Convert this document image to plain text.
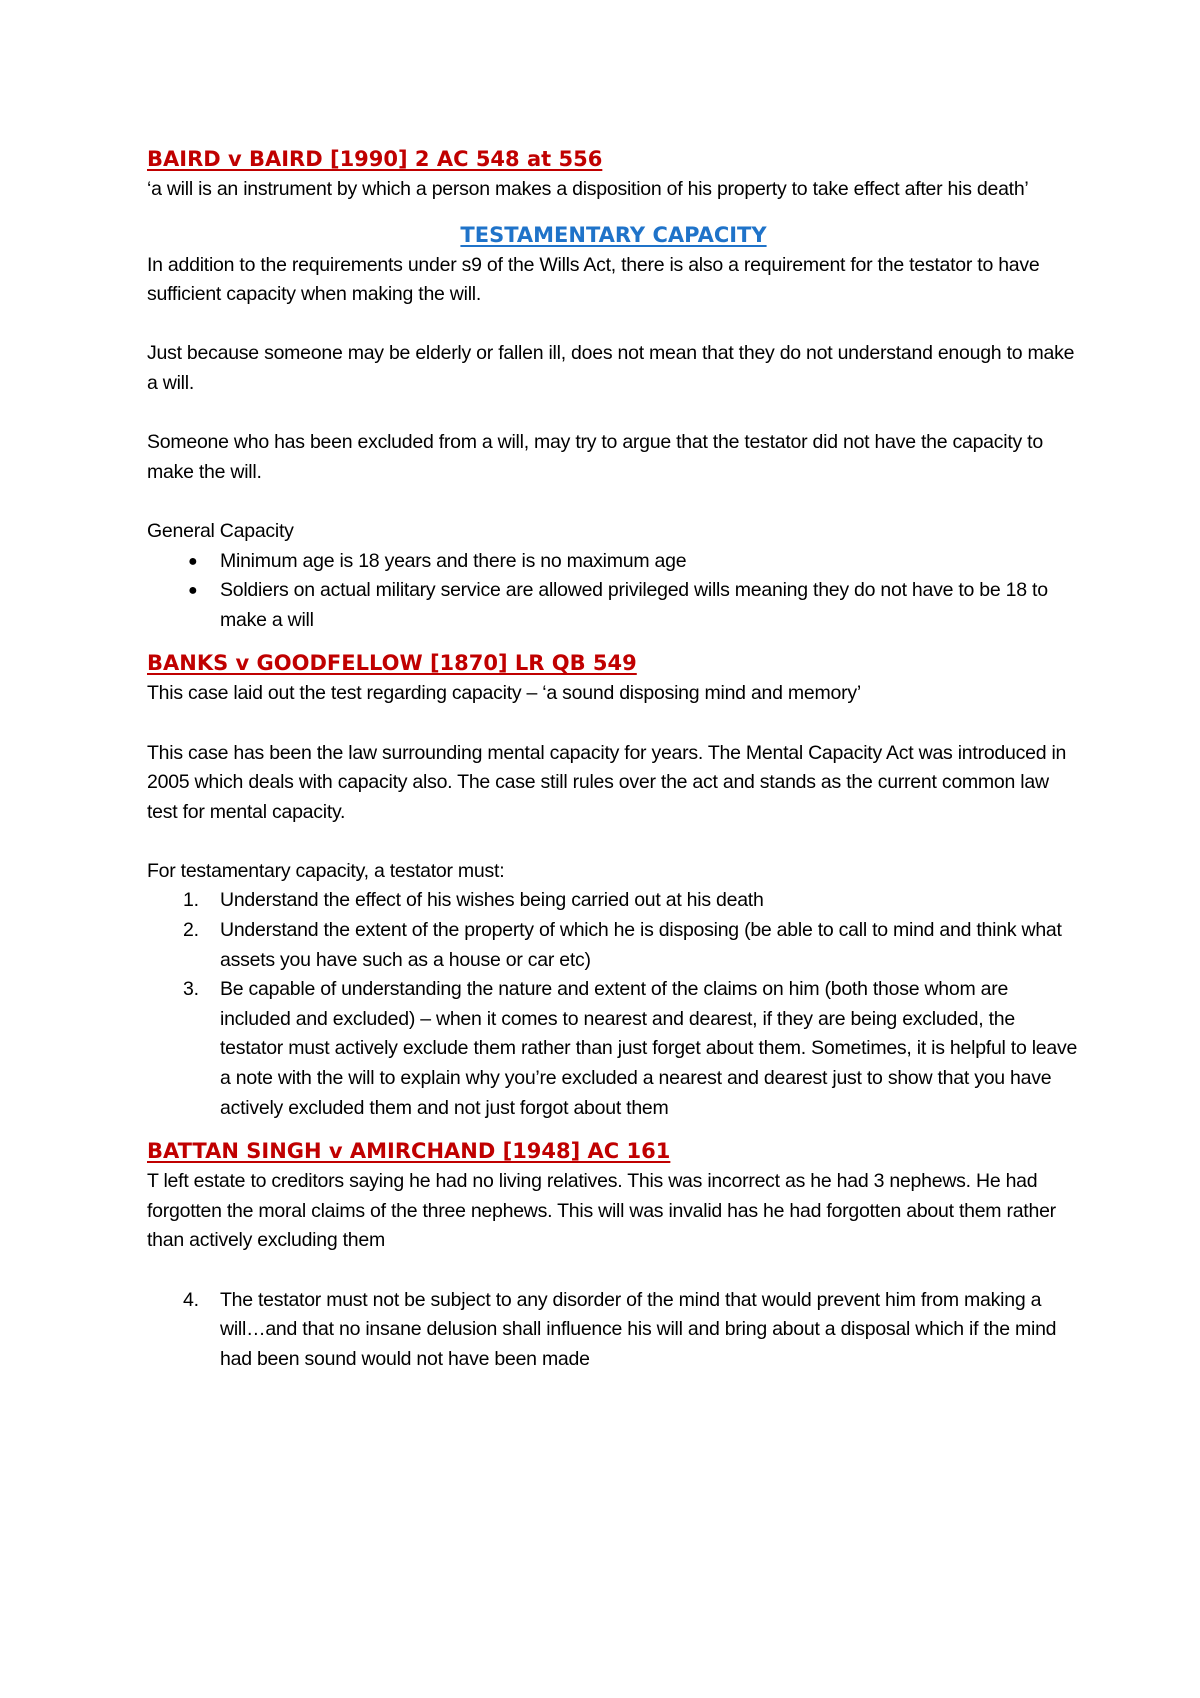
BAIRD v BAIRD [1990] 2 AC 548 at 556

‘a will is an instrument by which a person makes a disposition of his property to take effect after his death’

TESTAMENTARY CAPACITY

In addition to the requirements under s9 of the Wills Act, there is also a requirement for the testator to have sufficient capacity when making the will.

Just because someone may be elderly or fallen ill, does not mean that they do not understand enough to make a will.

Someone who has been excluded from a will, may try to argue that the testator did not have the capacity to make the will.

General Capacity

● Minimum age is 18 years and there is no maximum age
● Soldiers on actual military service are allowed privileged wills meaning they do not have to be 18 to make a will
BANKS v GOODFELLOW [1870] LR QB 549

This case laid out the test regarding capacity – ‘a sound disposing mind and memory’

This case has been the law surrounding mental capacity for years. The Mental Capacity Act was introduced in 2005 which deals with capacity also. The case still rules over the act and stands as the current common law test for mental capacity.

For testamentary capacity, a testator must:

1. Understand the effect of his wishes being carried out at his death
2. Understand the extent of the property of which he is disposing (be able to call to mind and think what assets you have such as a house or car etc)
3. Be capable of understanding the nature and extent of the claims on him (both those whom are included and excluded) – when it comes to nearest and dearest, if they are being excluded, the testator must actively exclude them rather than just forget about them. Sometimes, it is helpful to leave a note with the will to explain why you’re excluded a nearest and dearest just to show that you have actively excluded them and not just forgot about them
BATTAN SINGH v AMIRCHAND [1948] AC 161

T left estate to creditors saying he had no living relatives. This was incorrect as he had 3 nephews. He had forgotten the moral claims of the three nephews. This will was invalid has he had forgotten about them rather than actively excluding them

4. The testator must not be subject to any disorder of the mind that would prevent him from making a will…and that no insane delusion shall influence his will and bring about a disposal which if the mind had been sound would not have been made
